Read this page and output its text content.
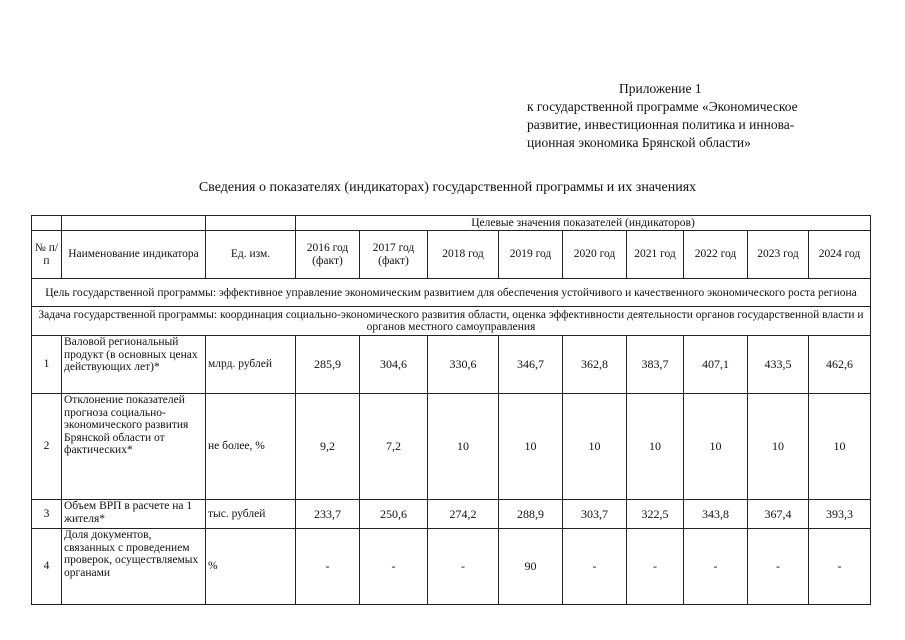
Приложение 1
к государственной программе «Экономическое
развитие, инвестиционная политика и иннова-
ционная экономика Брянской области»
Сведения о показателях (индикаторах) государственной программы и их значениях
			Целевые значения показателей (индикаторов)								
№ п/п	Наименование индикатора	Ед. изм.	2016 год (факт)	2017 год (факт)	2018 год	2019 год	2020 год	2021 год	2022 год	2023 год	2024 год
Цель государственной программы: эффективное управление экономическим развитием для обеспечения устойчивого и качественного экономического роста региона											
Задача государственной программы: координация социально-экономического развития области, оценка эффективности деятельности органов государственной власти и органов местного самоуправления											
1	Валовой региональный продукт (в основных ценах действующих лет)*	млрд. рублей	285,9	304,6	330,6	346,7	362,8	383,7	407,1	433,5	462,6
2	Отклонение показателей прогноза социально-экономического развития Брянской области от фактических*	не более, %	9,2	7,2	10	10	10	10	10	10	10
3	Объем ВРП в расчете на 1 жителя*	тыс. рублей	233,7	250,6	274,2	288,9	303,7	322,5	343,8	367,4	393,3
4	Доля документов, связанных с проведением проверок, осуществляемых органами	%	-	-	-	90	-	-	-	-	-
